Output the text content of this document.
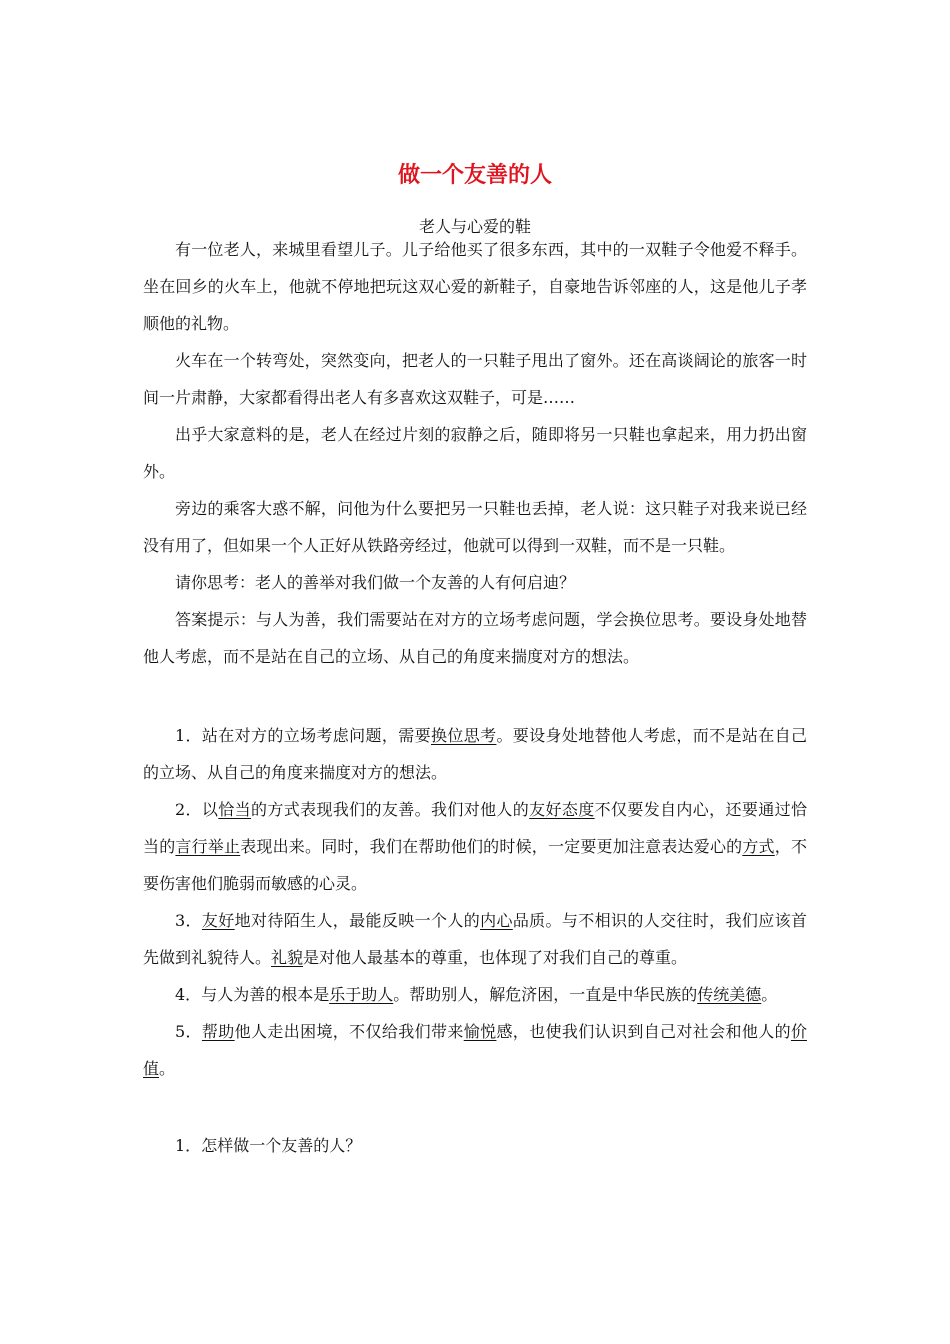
做一个友善的人

老人与心爱的鞋

有一位老人，来城里看望儿子。儿子给他买了很多东西，其中的一双鞋子令他爱不释手。坐在回乡的火车上，他就不停地把玩这双心爱的新鞋子，自豪地告诉邻座的人，这是他儿子孝顺他的礼物。

火车在一个转弯处，突然变向，把老人的一只鞋子甩出了窗外。还在高谈阔论的旅客一时间一片肃静，大家都看得出老人有多喜欢这双鞋子，可是……

出乎大家意料的是，老人在经过片刻的寂静之后，随即将另一只鞋也拿起来，用力扔出窗外。

旁边的乘客大惑不解，问他为什么要把另一只鞋也丢掉，老人说：这只鞋子对我来说已经没有用了，但如果一个人正好从铁路旁经过，他就可以得到一双鞋，而不是一只鞋。

请你思考：老人的善举对我们做一个友善的人有何启迪？

答案提示：与人为善，我们需要站在对方的立场考虑问题，学会换位思考。要设身处地替他人考虑，而不是站在自己的立场、从自己的角度来揣度对方的想法。

1．站在对方的立场考虑问题，需要换位思考。要设身处地替他人考虑，而不是站在自己的立场、从自己的角度来揣度对方的想法。

2．以恰当的方式表现我们的友善。我们对他人的友好态度不仅要发自内心，还要通过恰当的言行举止表现出来。同时，我们在帮助他们的时候，一定要更加注意表达爱心的方式，不要伤害他们脆弱而敏感的心灵。

3．友好地对待陌生人，最能反映一个人的内心品质。与不相识的人交往时，我们应该首先做到礼貌待人。礼貌是对他人最基本的尊重，也体现了对我们自己的尊重。

4．与人为善的根本是乐于助人。帮助别人，解危济困，一直是中华民族的传统美德。

5．帮助他人走出困境，不仅给我们带来愉悦感，也使我们认识到自己对社会和他人的价值。

1．怎样做一个友善的人？
